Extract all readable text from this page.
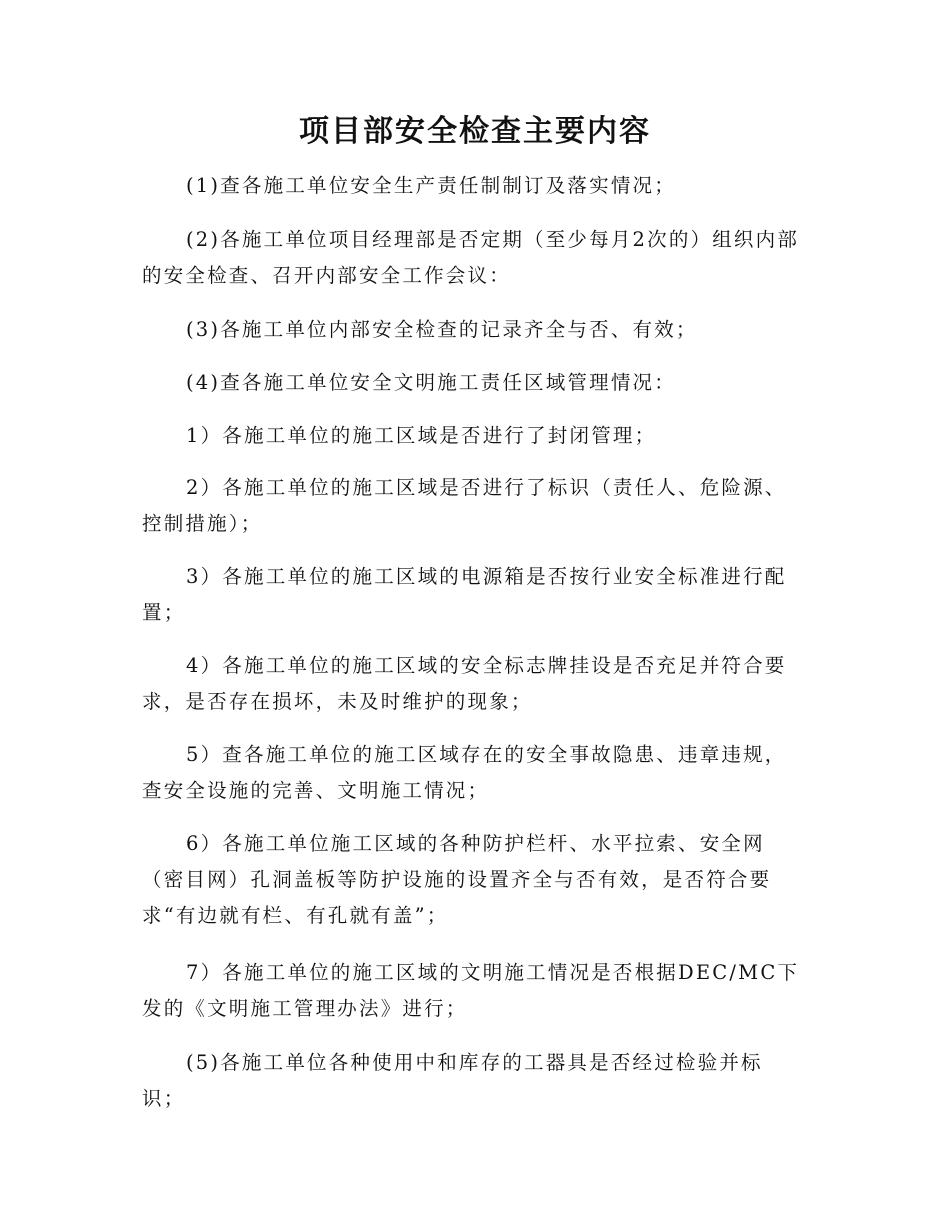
项目部安全检查主要内容

(1)查各施工单位安全生产责任制制订及落实情况；

(2)各施工单位项目经理部是否定期（至少每月2次的）组织内部的安全检查、召开内部安全工作会议：

(3)各施工单位内部安全检查的记录齐全与否、有效；

(4)查各施工单位安全文明施工责任区域管理情况：

1）各施工单位的施工区域是否进行了封闭管理；

2）各施工单位的施工区域是否进行了标识（责任人、危险源、控制措施）；

3）各施工单位的施工区域的电源箱是否按行业安全标准进行配置；

4）各施工单位的施工区域的安全标志牌挂设是否充足并符合要求，是否存在损坏，未及时维护的现象；

5）查各施工单位的施工区域存在的安全事故隐患、违章违规，查安全设施的完善、文明施工情况；

6）各施工单位施工区域的各种防护栏杆、水平拉索、安全网（密目网）孔洞盖板等防护设施的设置齐全与否有效，是否符合要求“有边就有栏、有孔就有盖”；

7）各施工单位的施工区域的文明施工情况是否根据DEC/MC下发的《文明施工管理办法》进行；

(5)各施工单位各种使用中和库存的工器具是否经过检验并标识；
